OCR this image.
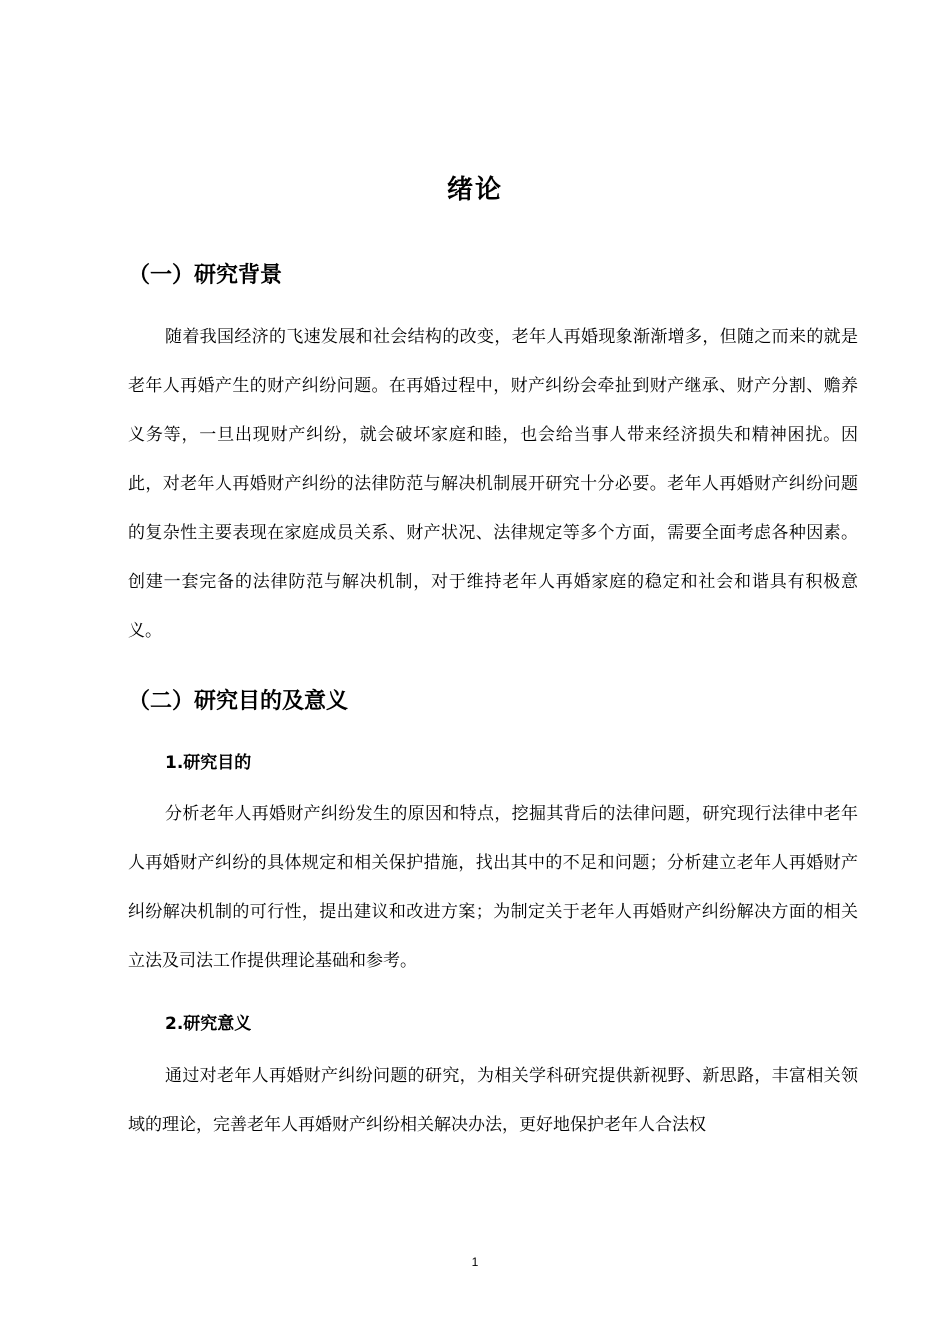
绪论
（一）研究背景

随着我国经济的飞速发展和社会结构的改变，老年人再婚现象渐渐增多，但随之而来的就是老年人再婚产生的财产纠纷问题。在再婚过程中，财产纠纷会牵扯到财产继承、财产分割、赡养义务等，一旦出现财产纠纷，就会破坏家庭和睦，也会给当事人带来经济损失和精神困扰。因此，对老年人再婚财产纠纷的法律防范与解决机制展开研究十分必要。老年人再婚财产纠纷问题的复杂性主要表现在家庭成员关系、财产状况、法律规定等多个方面，需要全面考虑各种因素。创建一套完备的法律防范与解决机制，对于维持老年人再婚家庭的稳定和社会和谐具有积极意义。

（二）研究目的及意义
1.研究目的

分析老年人再婚财产纠纷发生的原因和特点，挖掘其背后的法律问题，研究现行法律中老年人再婚财产纠纷的具体规定和相关保护措施，找出其中的不足和问题；分析建立老年人再婚财产纠纷解决机制的可行性，提出建议和改进方案；为制定关于老年人再婚财产纠纷解决方面的相关立法及司法工作提供理论基础和参考。

2.研究意义

通过对老年人再婚财产纠纷问题的研究，为相关学科研究提供新视野、新思路，丰富相关领域的理论，完善老年人再婚财产纠纷相关解决办法，更好地保护老年人合法权

1
